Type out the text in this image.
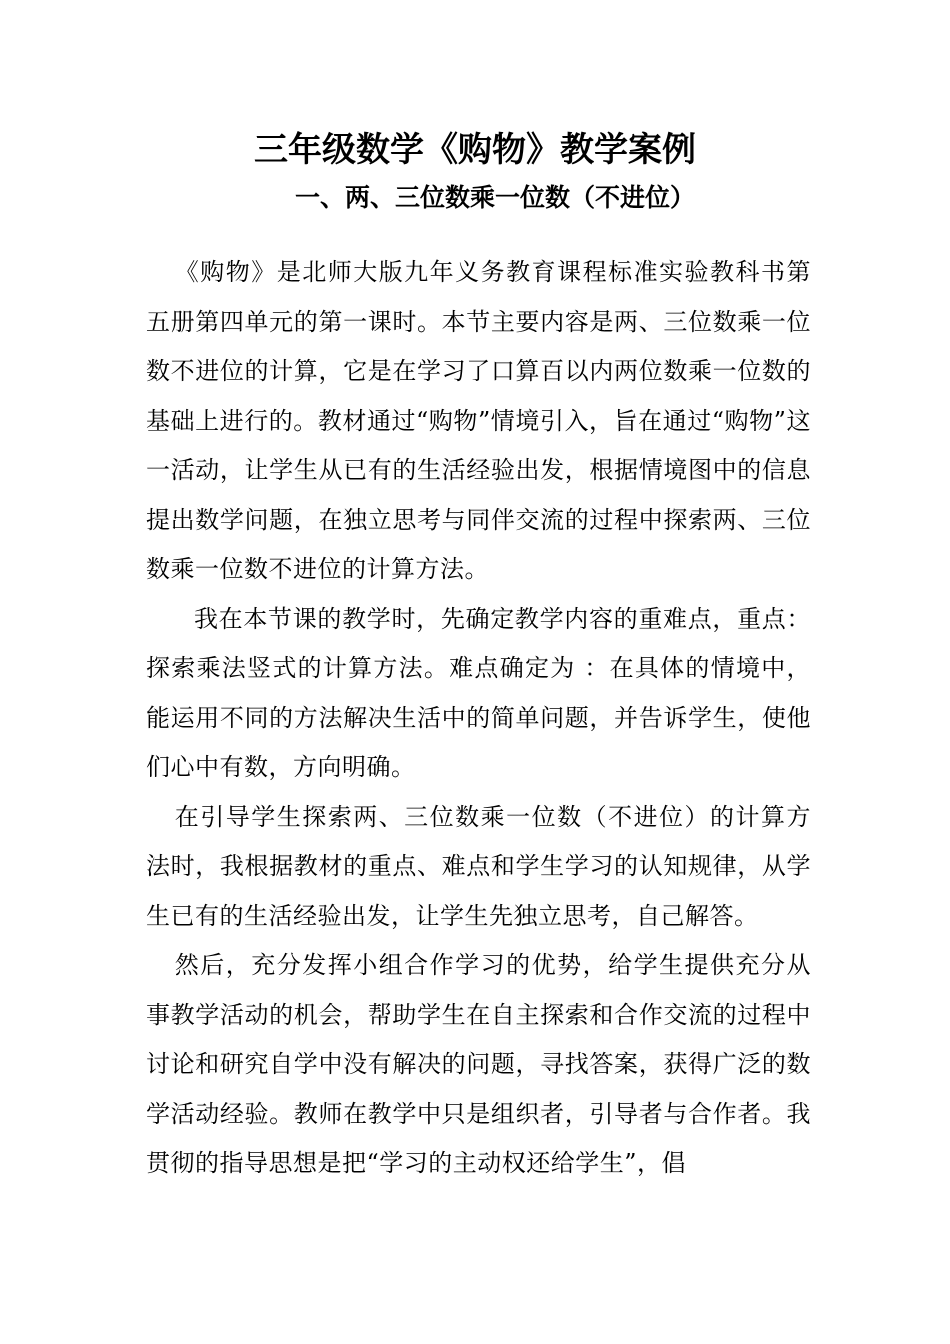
三年级数学《购物》教学案例
一、两、三位数乘一位数（不进位）

《购物》是北师大版九年义务教育课程标准实验教科书第五册第四单元的第一课时。本节主要内容是两、三位数乘一位数不进位的计算，它是在学习了口算百以内两位数乘一位数的基础上进行的。教材通过“购物”情境引入，旨在通过“购物”这一活动，让学生从已有的生活经验出发，根据情境图中的信息提出数学问题，在独立思考与同伴交流的过程中探索两、三位数乘一位数不进位的计算方法。

我在本节课的教学时，先确定教学内容的重难点，重点：探索乘法竖式的计算方法。难点确定为 ：在具体的情境中，能运用不同的方法解决生活中的简单问题，并告诉学生，使他们心中有数，方向明确。

在引导学生探索两、三位数乘一位数（不进位）的计算方法时，我根据教材的重点、难点和学生学习的认知规律，从学生已有的生活经验出发，让学生先独立思考，自己解答。

然后，充分发挥小组合作学习的优势，给学生提供充分从事教学活动的机会，帮助学生在自主探索和合作交流的过程中讨论和研究自学中没有解决的问题，寻找答案，获得广泛的数学活动经验。教师在教学中只是组织者，引导者与合作者。我贯彻的指导思想是把“学习的主动权还给学生”，倡
